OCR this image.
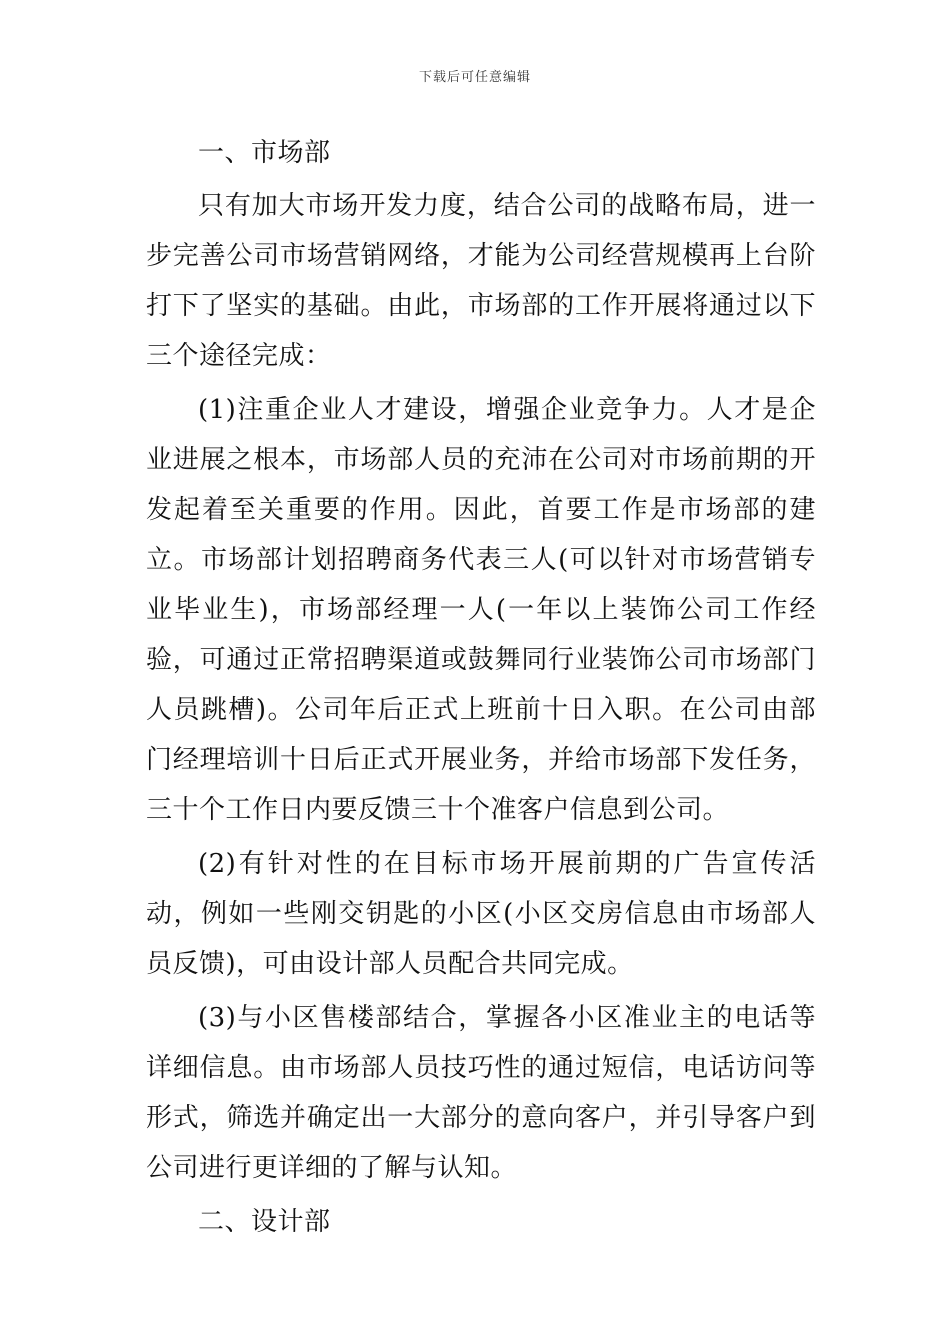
下载后可任意编辑
一、市场部

只有加大市场开发力度，结合公司的战略布局，进一步完善公司市场营销网络，才能为公司经营规模再上台阶打下了坚实的基础。由此，市场部的工作开展将通过以下三个途径完成：

(1)注重企业人才建设，增强企业竞争力。人才是企业进展之根本，市场部人员的充沛在公司对市场前期的开发起着至关重要的作用。因此，首要工作是市场部的建立。市场部计划招聘商务代表三人(可以针对市场营销专业毕业生)，市场部经理一人(一年以上装饰公司工作经验，可通过正常招聘渠道或鼓舞同行业装饰公司市场部门人员跳槽)。公司年后正式上班前十日入职。在公司由部门经理培训十日后正式开展业务，并给市场部下发任务，三十个工作日内要反馈三十个准客户信息到公司。

(2)有针对性的在目标市场开展前期的广告宣传活动，例如一些刚交钥匙的小区(小区交房信息由市场部人员反馈)，可由设计部人员配合共同完成。

(3)与小区售楼部结合，掌握各小区准业主的电话等详细信息。由市场部人员技巧性的通过短信，电话访问等形式，筛选并确定出一大部分的意向客户，并引导客户到公司进行更详细的了解与认知。

二、设计部
